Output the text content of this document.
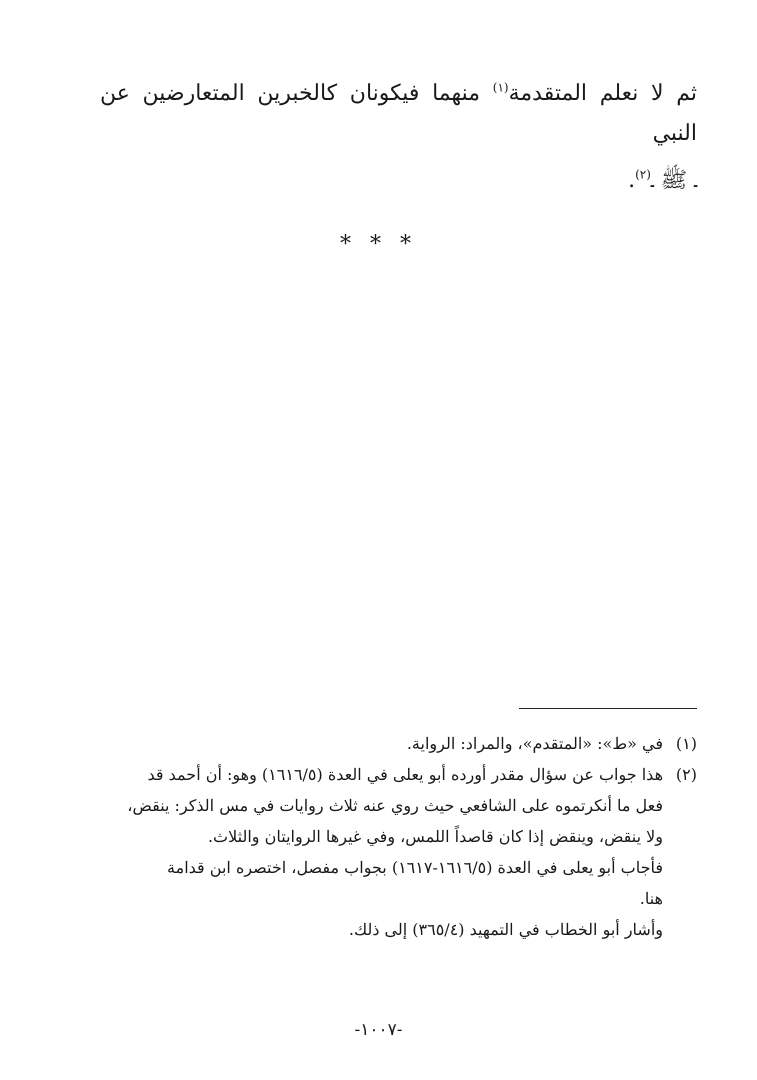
ثم لا نعلم المتقدمة$^{(١)}$ منهما فيكونان كالخبرين المتعارضين عن النبي
ـ ﷺ ـ$^{(٢)}$.
* * *
(١)
في «ط»: «المتقدم»، والمراد: الرواية.
(٢)
هذا جواب عن سؤال مقدر أورده أبو يعلى في العدة (١٦١٦/٥) وهو: أن أحمد قد
فعل ما أنكرتموه على الشافعي حيث روي عنه ثلاث روايات في مس الذكر: ينقض،
ولا ينقض، وينقض إذا كان قاصداً اللمس، وفي غيرها الروايتان والثلاث.
فأجاب أبو يعلى في العدة (١٦١٦/٥-١٦١٧) بجواب مفصل، اختصره ابن قدامة
هنا.
وأشار أبو الخطاب في التمهيد (٣٦٥/٤) إلى ذلك.
-١٠٠٧-
